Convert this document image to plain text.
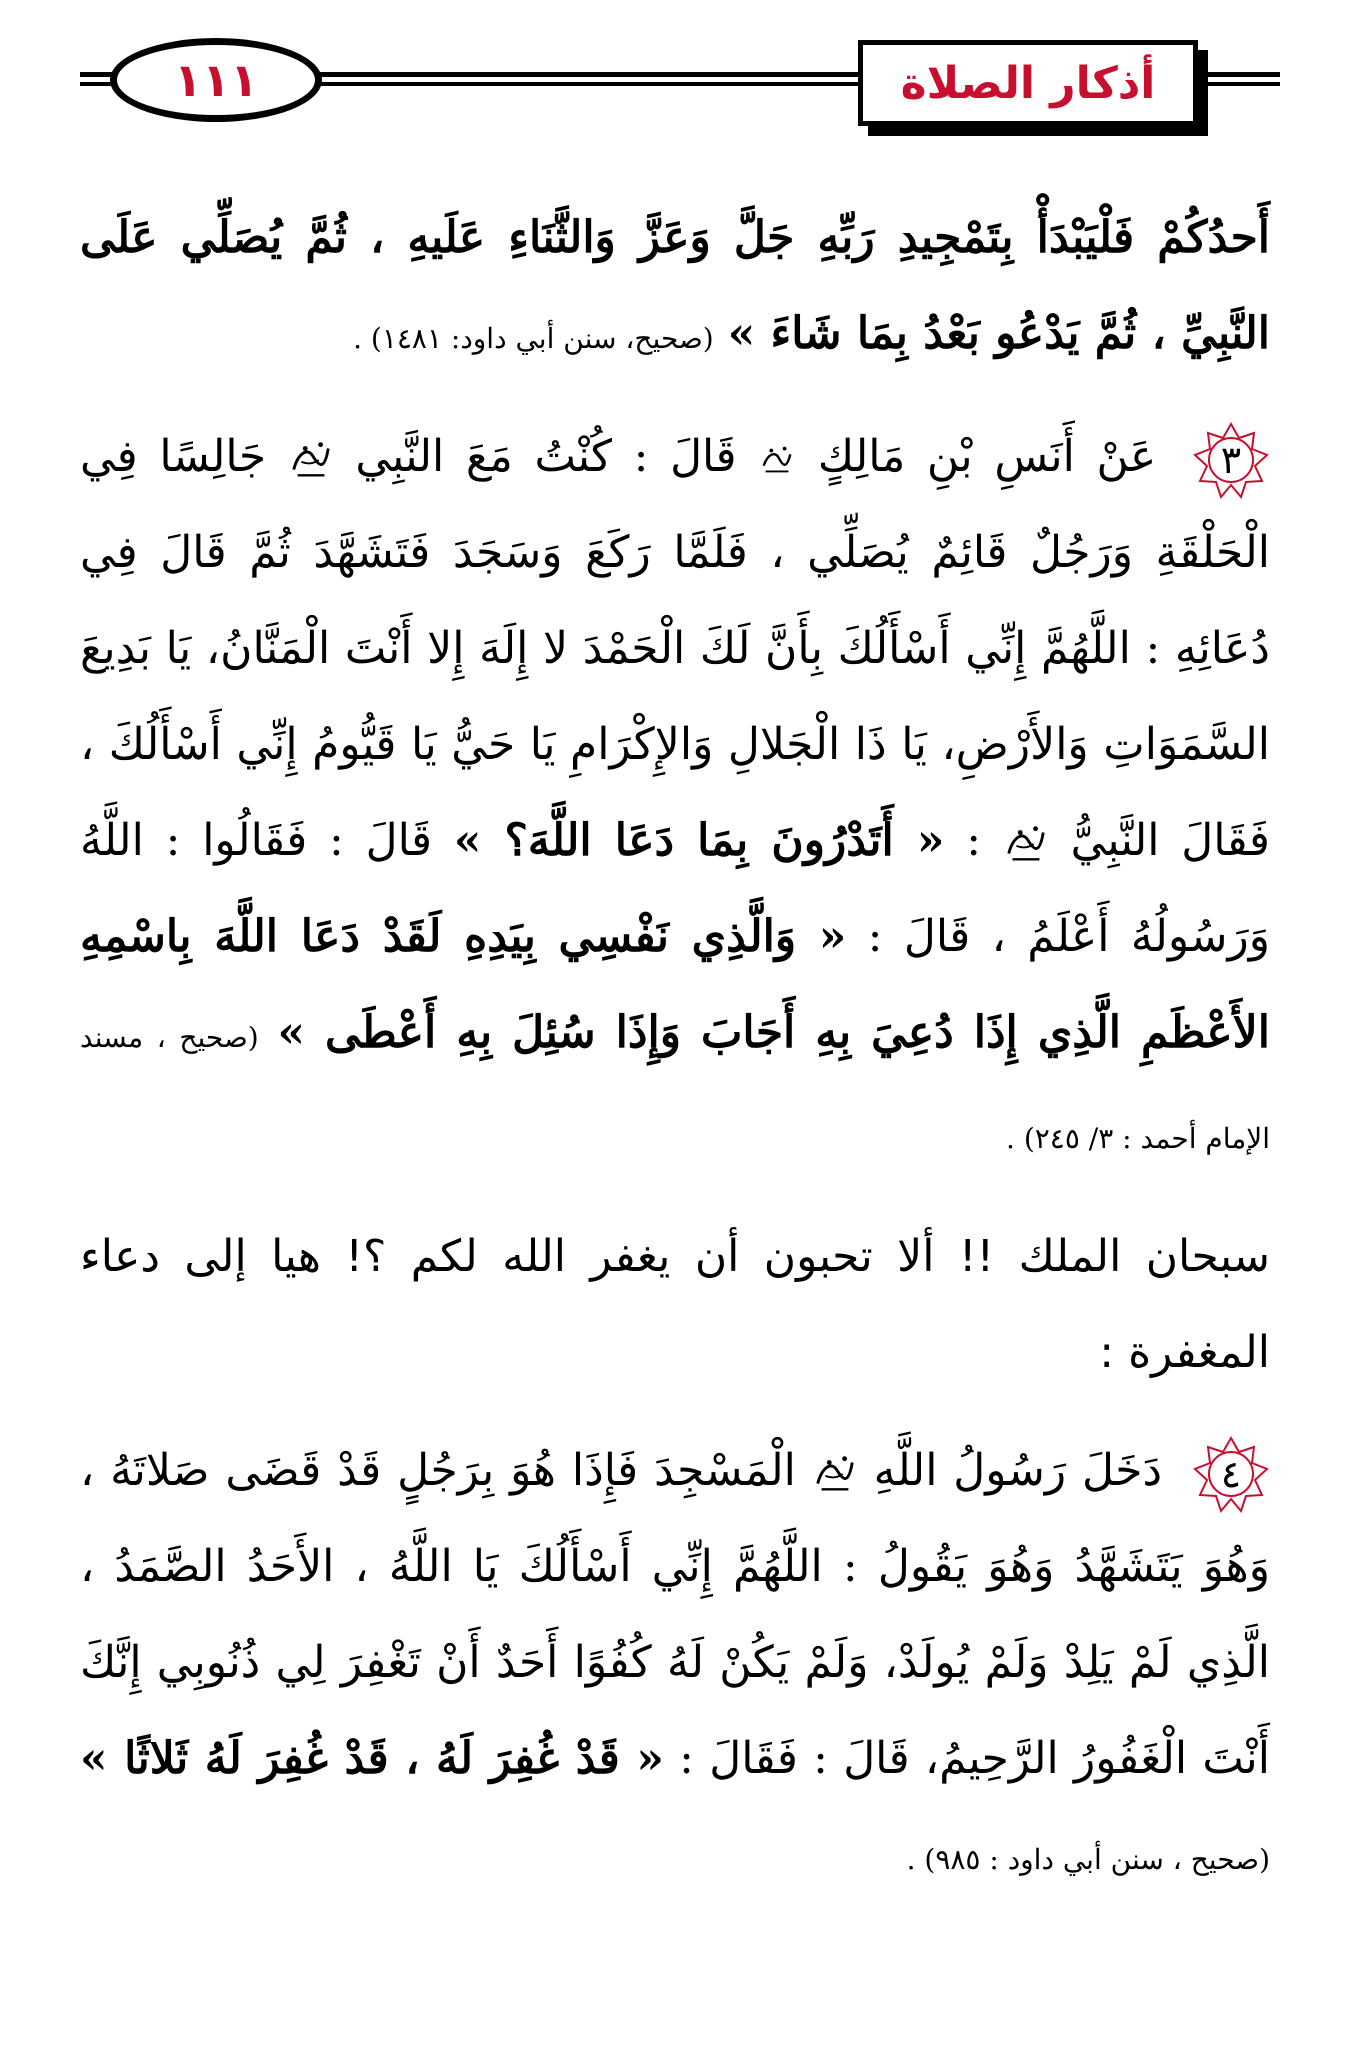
١١١	أذكار الصلاة

أَحدُكُمْ فَلْيَبْدَأْ بِتَمْجِيدِ رَبِّهِ جَلَّ وَعَزَّ وَالثَّنَاءِ عَلَيهِ ، ثُمَّ يُصَلِّي عَلَى النَّبِيِّ ، ثُمَّ يَدْعُو بَعْدُ بِمَا شَاءَ » (صحيح، سنن أبي داود: ١٤٨١) .

٣
عَنْ أَنَسِ بْنِ مَالِكٍ  قَالَ : كُنْتُ مَعَ النَّبِي  جَالِسًا فِي الْحَلْقَةِ وَرَجُلٌ قَائِمٌ يُصَلِّي ، فَلَمَّا رَكَعَ وَسَجَدَ فَتَشَهَّدَ ثُمَّ قَالَ فِي دُعَائِهِ : اللَّهُمَّ إِنِّي أَسْأَلُكَ بِأَنَّ لَكَ الْحَمْدَ لا إِلَهَ إِلا أَنْتَ الْمَنَّانُ، يَا بَدِيعَ السَّمَوَاتِ وَالأَرْضِ، يَا ذَا الْجَلالِ وَالإِكْرَامِ يَا حَيُّ يَا قَيُّومُ إِنِّي أَسْأَلُكَ ، فَقَالَ النَّبِيُّ  : « أَتَدْرُونَ بِمَا دَعَا اللَّهَ؟ » قَالَ : فَقَالُوا : اللَّهُ وَرَسُولُهُ أَعْلَمُ ، قَالَ : « وَالَّذِي نَفْسِي بِيَدِهِ لَقَدْ دَعَا اللَّهَ بِاسْمِهِ الأَعْظَمِ الَّذِي إِذَا دُعِيَ بِهِ أَجَابَ وَإِذَا سُئِلَ بِهِ أَعْطَى » (صحيح ، مسند الإمام أحمد : ٣/ ٢٤٥) .

سبحان الملك !! ألا تحبون أن يغفر الله لكم ؟! هيا إلى دعاء المغفرة :

٤
دَخَلَ رَسُولُ اللَّهِ  الْمَسْجِدَ فَإِذَا هُوَ بِرَجُلٍ قَدْ قَضَى صَلاتَهُ ، وَهُوَ يَتَشَهَّدُ وَهُوَ يَقُولُ : اللَّهُمَّ إِنِّي أَسْأَلُكَ يَا اللَّهُ ، الأَحَدُ الصَّمَدُ ، الَّذِي لَمْ يَلِدْ وَلَمْ يُولَدْ، وَلَمْ يَكُنْ لَهُ كُفُوًا أَحَدٌ أَنْ تَغْفِرَ لِي ذُنُوبِي إِنَّكَ أَنْتَ الْغَفُورُ الرَّحِيمُ، قَالَ : فَقَالَ : « قَدْ غُفِرَ لَهُ ، قَدْ غُفِرَ لَهُ ثَلاثًا » (صحيح ، سنن أبي داود : ٩٨٥) .
